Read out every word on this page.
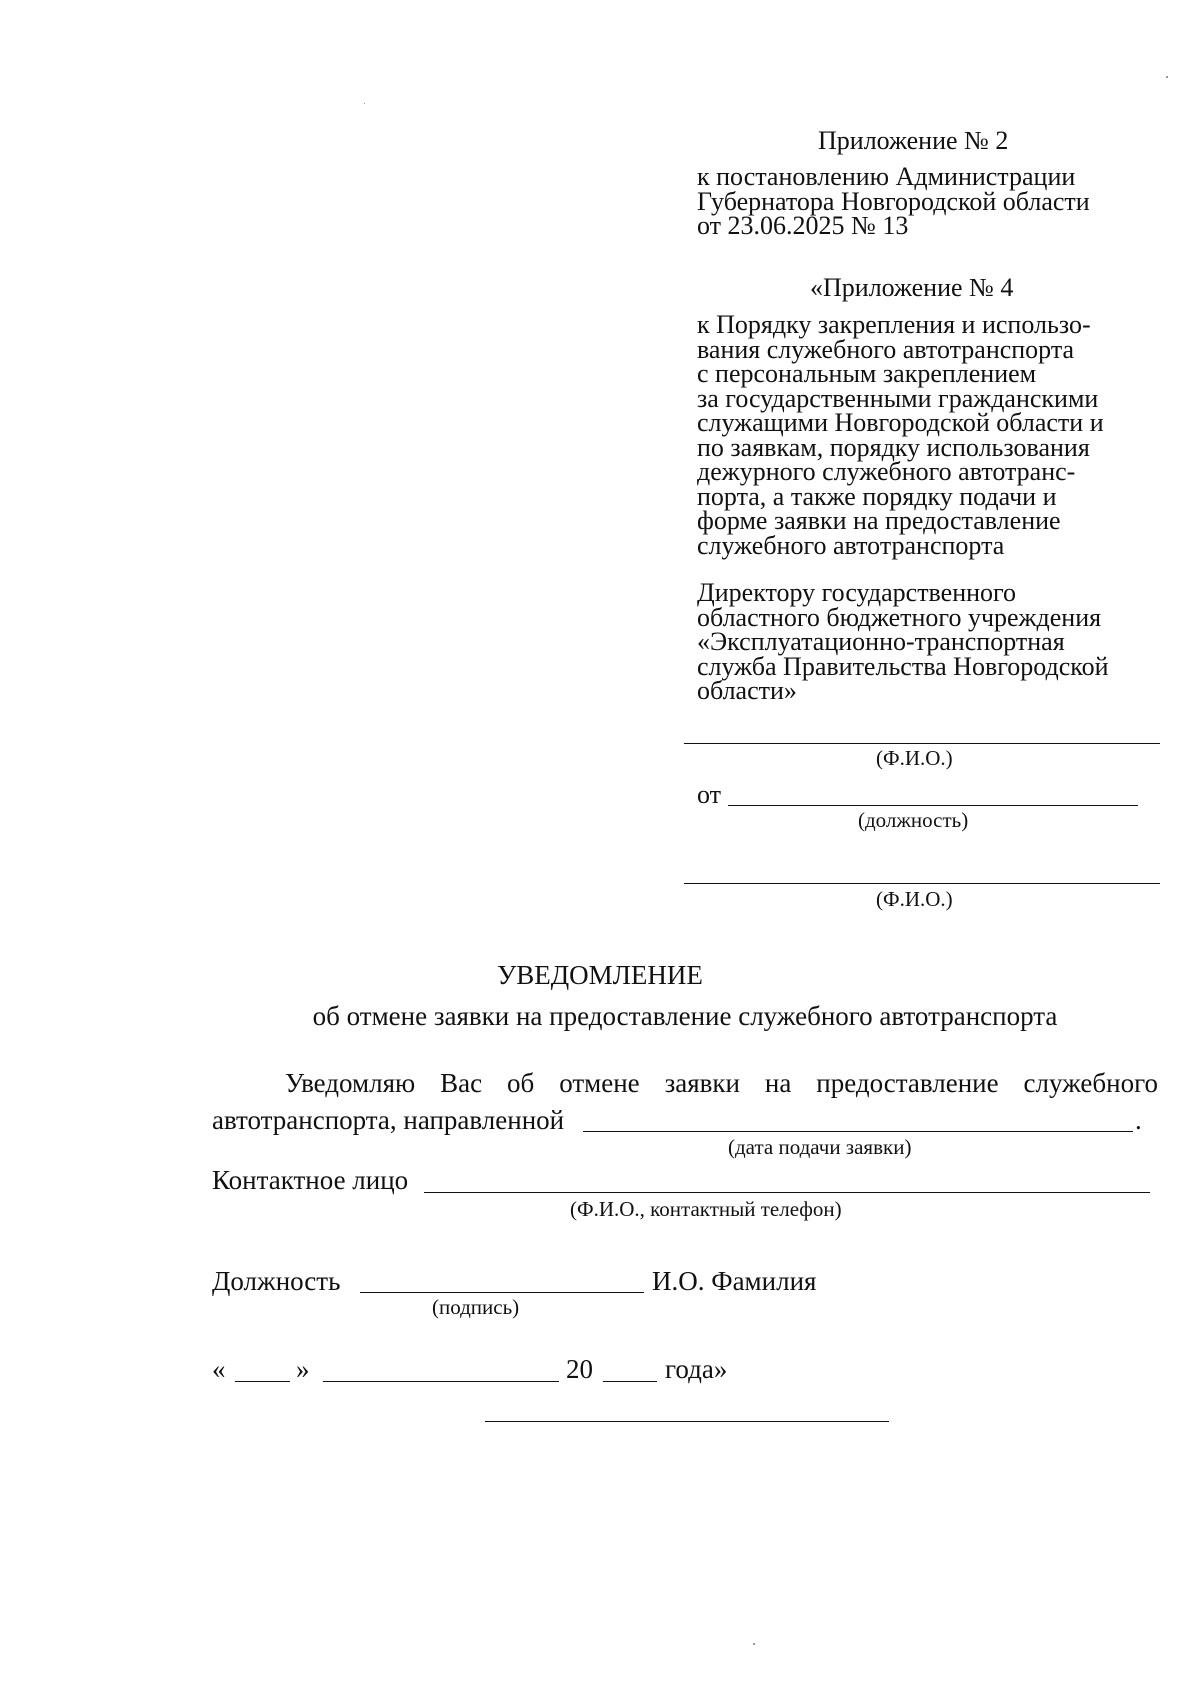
Приложение № 2
к постановлению Администрации
Губернатора Новгородской области
от 23.06.2025 № 13
«Приложение № 4
к Порядку закрепления и использо-
вания служебного автотранспорта
с персональным закреплением
за государственными гражданскими
служащими Новгородской области и
по заявкам, порядку использования
дежурного служебного автотранс-
порта, а также порядку подачи и
форме заявки на предоставление
служебного автотранспорта
Директору государственного
областного бюджетного учреждения
«Эксплуатационно-транспортная
служба Правительства Новгородской
области»
(Ф.И.О.)
от
(должность)
(Ф.И.О.)
УВЕДОМЛЕНИЕ
об отмене заявки на предоставление служебного автотранспорта
Уведомляю Вас об отмене заявки на предоставление служебного
автотранспорта, направленной	.
(дата подачи заявки)
Контактное лицо
(Ф.И.О., контактный телефон)
Должность	И.О. Фамилия
(подпись)
«	»	20	года»
